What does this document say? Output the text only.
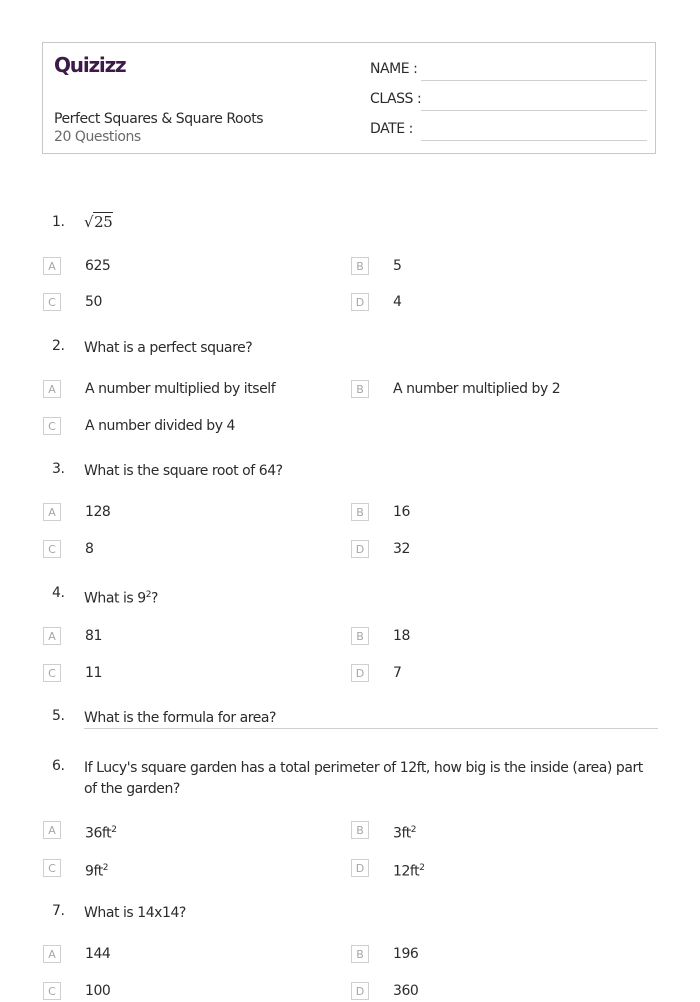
Quizizz
Perfect Squares & Square Roots
20 Questions
NAME :
CLASS :
DATE :
1.	√25
A	625	B	5
C	50	D	4
2.	What is a perfect square?
A	A number multiplied by itself	B	A number multiplied by 2
C	A number divided by 4
3.	What is the square root of 64?
A	128	B	16
C	8	D	32
4.	What is $9^2$?
A	81	B	18
C	11	D	7
5.	What is the formula for area?
6.	If Lucy's square garden has a total perimeter of 12ft, how big is the inside (area) part of the garden?
A	$36ft^2$	B	$3ft^2$
C	$9ft^2$	D	$12ft^2$
7.	What is 14x14?
A	144	B	196
C	100	D	360
